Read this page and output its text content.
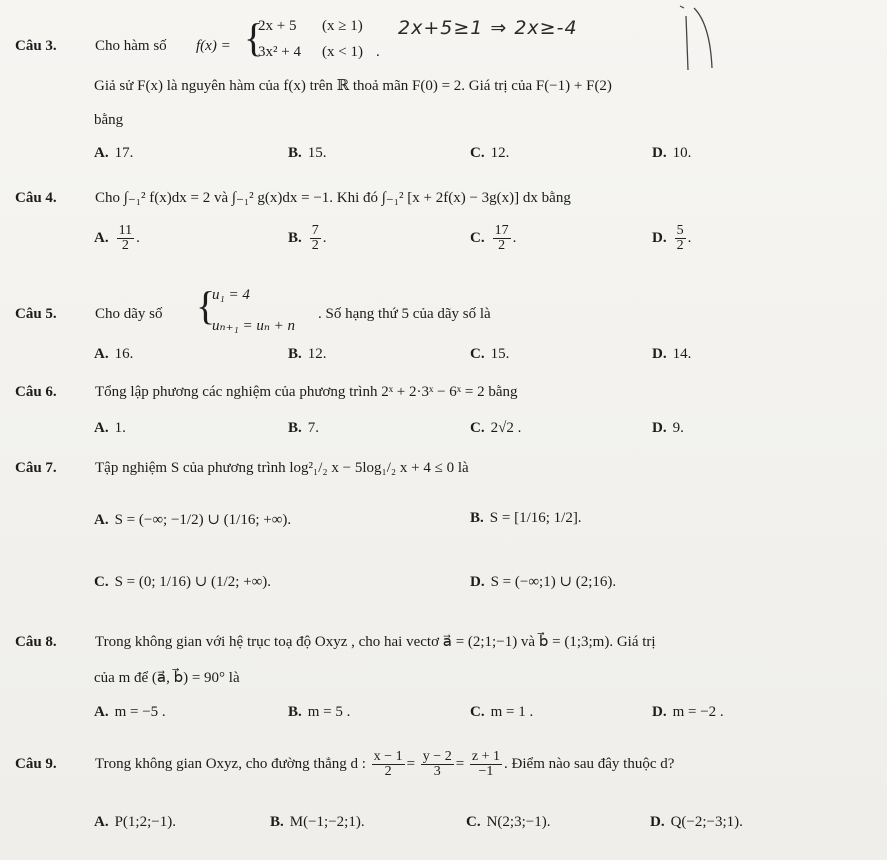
Câu 3.	Cho hàm số f(x) = {
2x + 5 (x ≥ 1)
3x² + 4 (x < 1) .
2x+5≥1 ⇒ 2x≥-4
Giả sử F(x) là nguyên hàm của f(x) trên ℝ thoả mãn F(0) = 2. Giá trị của F(−1) + F(2)
bằng
A. 17.	B. 15.	C. 12.	D. 10.
Câu 4.	Cho ∫₋₁² f(x)dx = 2 và ∫₋₁² g(x)dx = −1. Khi đó ∫₋₁² [x + 2f(x) − 3g(x)] dx bằng
A. $\frac{11}{2}$ .	B. $\frac{7}{2}$ .	C. $\frac{17}{2}$ .	D. $\frac{5}{2}$ .
Câu 5.	Cho dãy số {
u₁ = 4
uₙ₊₁ = uₙ + n
. Số hạng thứ 5 của dãy số là
A. 16.	B. 12.	C. 15.	D. 14.
Câu 6.	Tổng lập phương các nghiệm của phương trình 2ˣ + 2·3ˣ − 6ˣ = 2 bằng
A. 1.	B. 7.	C. 2√2 .	D. 9.
Câu 7.	Tập nghiệm S của phương trình log²₁/₂ x − 5log₁/₂ x + 4 ≤ 0 là
A. S = (−∞; −1/2) ∪ (1/16; +∞).	B. S = [1/16; 1/2].
C. S = (0; 1/16) ∪ (1/2; +∞).	D. S = (−∞;1) ∪ (2;16).
Câu 8.	Trong không gian với hệ trục toạ độ Oxyz , cho hai vectơ a⃗ = (2;1;−1) và b⃗ = (1;3;m). Giá trị
của m để (a⃗, b⃗) = 90° là
A. m = −5 .	B. m = 5 .	C. m = 1 .	D. m = −2 .
Câu 9.	Trong không gian Oxyz, cho đường thẳng d : $\frac{x - 1}{2} = \frac{y - 2}{3} = \frac{z + 1}{-1}$ . Điểm nào sau đây thuộc d?
A. P(1;2;−1).	B. M(−1;−2;1).	C. N(2;3;−1).	D. Q(−2;−3;1).
